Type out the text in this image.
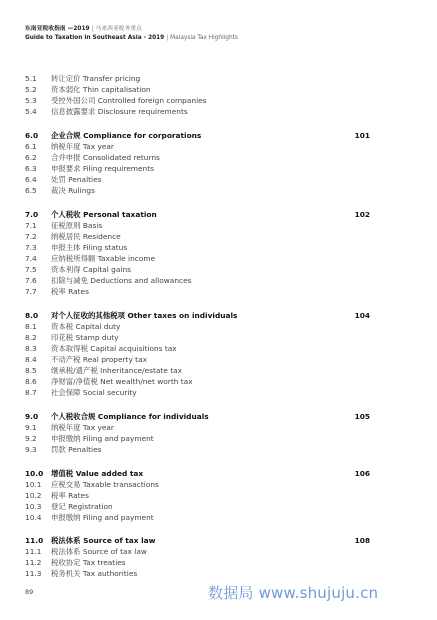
东南亚税收指南 —2019 | 马来西亚税务重点
Guide to Taxation in Southeast Asia - 2019 | Malaysia Tax Highlights
5.1 转让定价 Transfer pricing
5.2 资本弱化 Thin capitalisation
5.3 受控外国公司 Controlled foreign companies
5.4 信息披露要求 Disclosure requirements
6.0 企业合规 Compliance for corporations	101
6.1 纳税年度 Tax year
6.2 合并申报 Consolidated returns
6.3 申报要求 Filing requirements
6.4 处罚 Penalties
6.5 裁决 Rulings
7.0 个人税收 Personal taxation	102
7.1 征税原则 Basis
7.2 纳税居民 Residence
7.3 申报主体 Filing status
7.4 应纳税所得额 Taxable income
7.5 资本利得 Capital gains
7.6 扣除与减免 Deductions and allowances
7.7 税率 Rates
8.0 对个人征收的其他税项 Other taxes on individuals	104
8.1 资本税 Capital duty
8.2 印花税 Stamp duty
8.3 资本取得税 Capital acquisitions tax
8.4 不动产税 Real property tax
8.5 继承税/遗产税 Inheritance/estate tax
8.6 净财富/净值税 Net wealth/net worth tax
8.7 社会保障 Social security
9.0 个人税收合规 Compliance for individuals	105
9.1 纳税年度 Tax year
9.2 申报缴纳 Filing and payment
9.3 罚款 Penalties
10.0 增值税 Value added tax	106
10.1 应税交易 Taxable transactions
10.2 税率 Rates
10.3 登记 Registration
10.4 申报缴纳 Filing and payment
11.0 税法体系 Source of tax law	108
11.1 税法体系 Source of tax law
11.2 税收协定 Tax treaties
11.3 税务机关 Tax authorities
89	数据局 www.shujuju.cn
